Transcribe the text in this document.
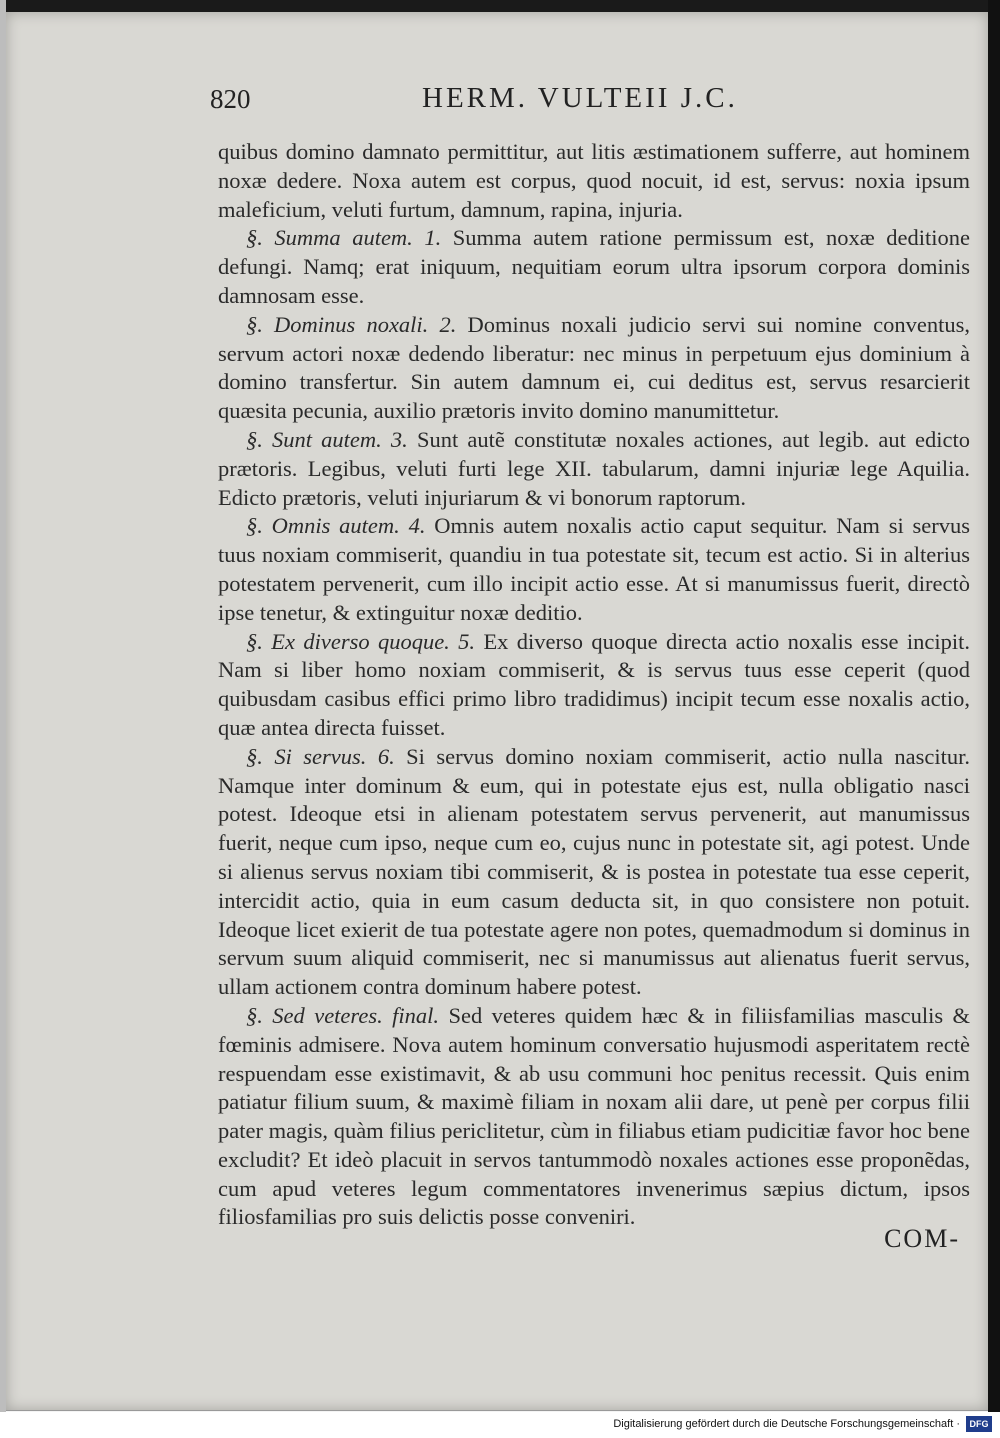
820	HERM. VULTEII J.C.

quibus domino damnato permittitur, aut litis æstimationem sufferre, aut hominem noxæ dedere. Noxa autem est corpus, quod nocuit, id est, servus: noxia ipsum maleficium, veluti furtum, damnum, rapina, injuria.

§. Summa autem. 1. Summa autem ratione permissum est, noxæ deditione defungi. Namq; erat iniquum, nequitiam eorum ultra ipsorum corpora dominis damnosam esse.

§. Dominus noxali. 2. Dominus noxali judicio servi sui nomine conventus, servum actori noxæ dedendo liberatur: nec minus in perpetuum ejus dominium à domino transfertur. Sin autem damnum ei, cui deditus est, servus resarcierit quæsita pecunia, auxilio prætoris invito domino manumittetur.

§. Sunt autem. 3. Sunt autẽ constitutæ noxales actiones, aut legib. aut edicto prætoris. Legibus, veluti furti lege XII. tabularum, damni injuriæ lege Aquilia. Edicto prætoris, veluti injuriarum & vi bonorum raptorum.

§. Omnis autem. 4. Omnis autem noxalis actio caput sequitur. Nam si servus tuus noxiam commiserit, quandiu in tua potestate sit, tecum est actio. Si in alterius potestatem pervenerit, cum illo incipit actio esse. At si manumissus fuerit, directò ipse tenetur, & extinguitur noxæ deditio.

§. Ex diverso quoque. 5. Ex diverso quoque directa actio noxalis esse incipit. Nam si liber homo noxiam commiserit, & is servus tuus esse ceperit (quod quibusdam casibus effici primo libro tradidimus) incipit tecum esse noxalis actio, quæ antea directa fuisset.

§. Si servus. 6. Si servus domino noxiam commiserit, actio nulla nascitur. Namque inter dominum & eum, qui in potestate ejus est, nulla obligatio nasci potest. Ideoque etsi in alienam potestatem servus pervenerit, aut manumissus fuerit, neque cum ipso, neque cum eo, cujus nunc in potestate sit, agi potest. Unde si alienus servus noxiam tibi commiserit, & is postea in potestate tua esse ceperit, intercidit actio, quia in eum casum deducta sit, in quo consistere non potuit. Ideoque licet exierit de tua potestate agere non potes, quemadmodum si dominus in servum suum aliquid commiserit, nec si manumissus aut alienatus fuerit servus, ullam actionem contra dominum habere potest.

§. Sed veteres. final. Sed veteres quidem hæc & in filiisfamilias masculis & fœminis admisere. Nova autem hominum conversatio hujusmodi asperitatem rectè respuendam esse existimavit, & ab usu communi hoc penitus recessit. Quis enim patiatur filium suum, & maximè filiam in noxam alii dare, ut penè per corpus filii pater magis, quàm filius periclitetur, cùm in filiabus etiam pudicitiæ favor hoc bene excludit? Et ideò placuit in servos tantummodò noxales actiones esse proponẽdas, cum apud veteres legum commentatores invenerimus sæpius dictum, ipsos filiosfamilias pro suis delictis posse conveniri.

COM-
Digitalisierung gefördert durch die Deutsche Forschungsgemeinschaft ·	DFG
